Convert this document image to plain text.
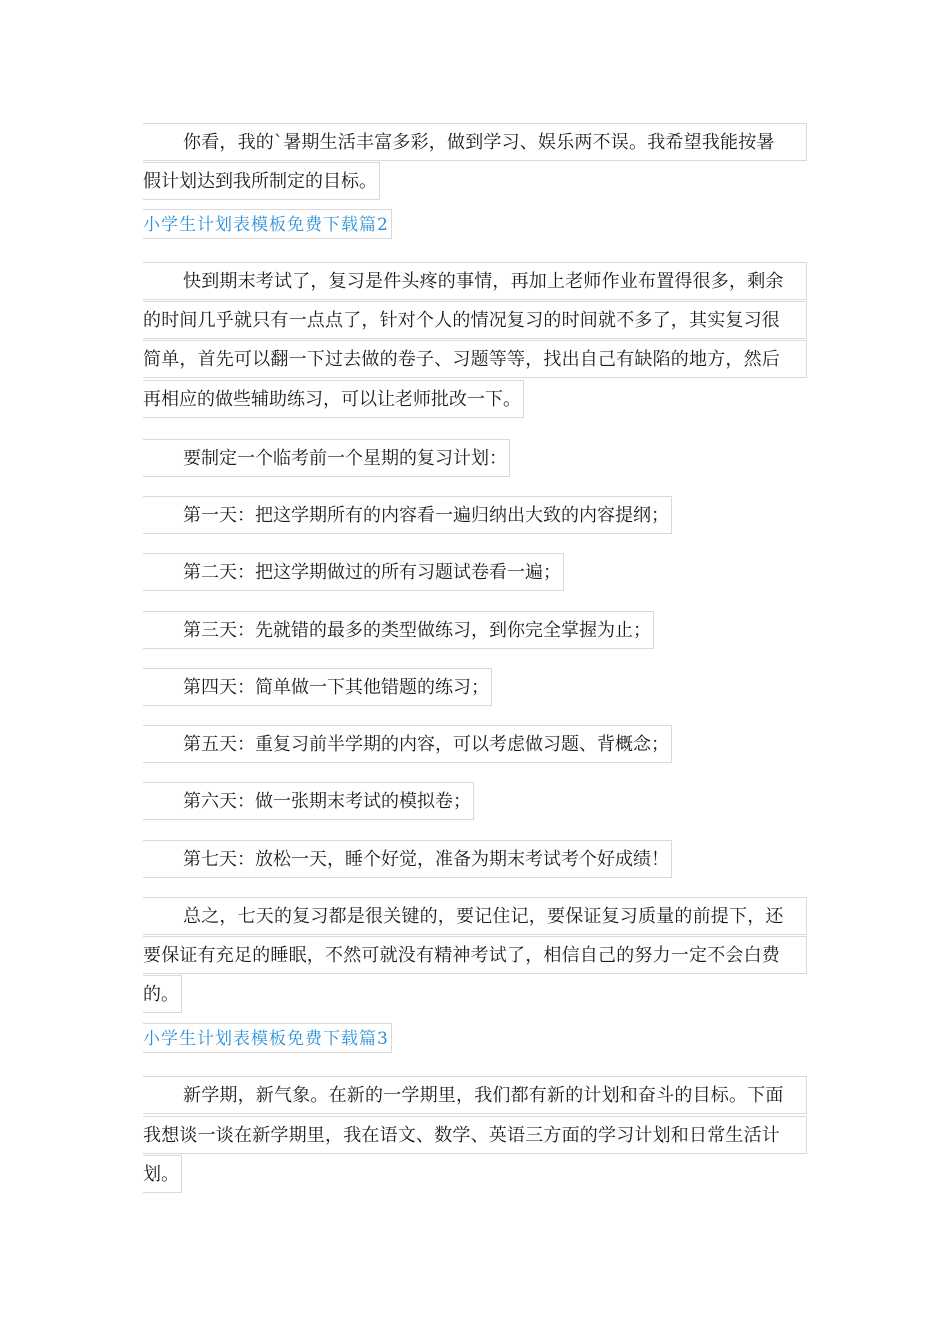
你看，我的`暑期生活丰富多彩，做到学习、娱乐两不误。我希望我能按暑
假计划达到我所制定的目标。
小学生计划表模板免费下载篇2
快到期末考试了，复习是件头疼的事情，再加上老师作业布置得很多，剩余
的时间几乎就只有一点点了，针对个人的情况复习的时间就不多了，其实复习很
简单，首先可以翻一下过去做的卷子、习题等等，找出自己有缺陷的地方，然后
再相应的做些辅助练习，可以让老师批改一下。
要制定一个临考前一个星期的复习计划：
第一天：把这学期所有的内容看一遍归纳出大致的内容提纲；
第二天：把这学期做过的所有习题试卷看一遍；
第三天：先就错的最多的类型做练习，到你完全掌握为止；
第四天：简单做一下其他错题的练习；
第五天：重复习前半学期的内容，可以考虑做习题、背概念；
第六天：做一张期末考试的模拟卷；
第七天：放松一天，睡个好觉，准备为期末考试考个好成绩！
总之，七天的复习都是很关键的，要记住记，要保证复习质量的前提下，还
要保证有充足的睡眠，不然可就没有精神考试了，相信自己的努力一定不会白费
的。
小学生计划表模板免费下载篇3
新学期，新气象。在新的一学期里，我们都有新的计划和奋斗的目标。下面
我想谈一谈在新学期里，我在语文、数学、英语三方面的学习计划和日常生活计
划。
